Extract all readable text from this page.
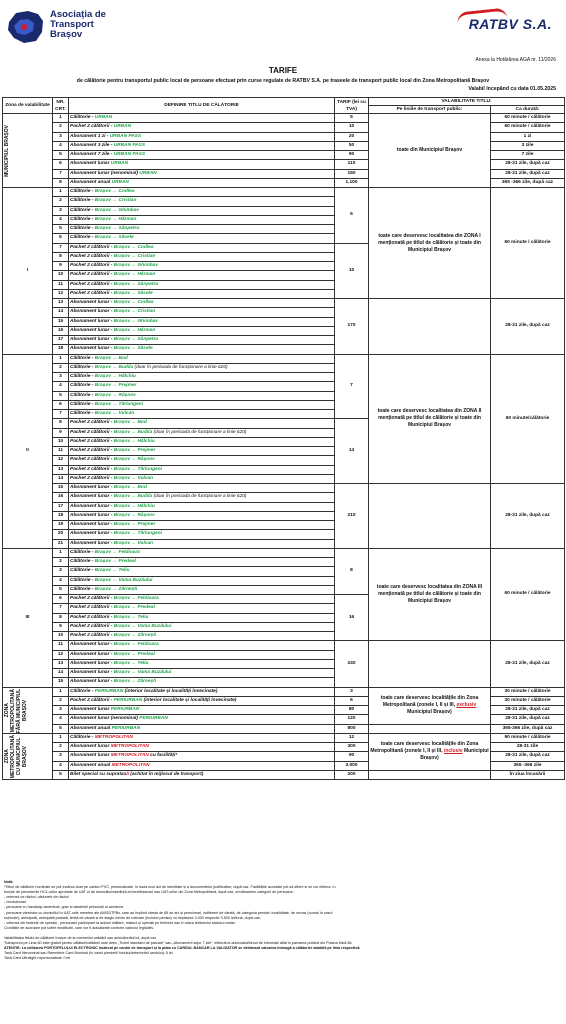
Asociația de
Transport
Brașov
RATBV S.A.
Anexa la Hotărârea AGA nr. 11/2026
TARIFE
de călătorie pentru transportul public local de persoane efectuat prin curse regulate de RATBV S.A. pe traseele de transport public local din Zona Metropolitană Brașov
Valabil începând cu data 01.05.2025
Zona de valabilitate	NR. CRT.	DEFINIRE TITLU DE CĂLĂTORIE	TARIF (lei cu TVA)	VALABILITATE TITLU:	
				Pe liniile de transport public:	Ca durată:

MUNICIPIUL BRAȘOV	1	Călătorie - URBAN	5	toate din Municipiul Brașov	60 minute / călătorie
	2	Pachet 2 călătorii - URBAN	10		60 minute / călătorie
	3	Abonament 1 zi - URBAN PASS	20		1 zi
	4	Abonament 3 zile - URBAN PASS	50		3 zile
	5	Abonament 7 zile - URBAN PASS	90		7 zile
	6	Abonament lunar URBAN	110		28-31 zile, după caz
	7	Abonament lunar (nenominal) URBAN	150		28-31 zile, după caz
	8	Abonament anual URBAN	1.100		365 -366 zile, după caz
I	1	Călătorie - Brașov ↔ Codlea	5	toate care deservesc localitatea din ZONA I menționată pe titlul de călătorie și toate din Municipiul Brașov	60 minute / călătorie
	2	Călătorie - Brașov ↔ Cristian			
	3	Călătorie - Brașov ↔ Ghimbav			
	4	Călătorie - Brașov ↔ Hărman			
	5	Călătorie - Brașov ↔ Sânpetru			
	6	Călătorie - Brașov ↔ Săcele			
	7	Pachet 2 călătorii - Brașov ↔ Codlea	10		
	8	Pachet 2 călătorii - Brașov ↔ Cristian			
	9	Pachet 2 călătorii - Brașov ↔ Ghimbav			
	10	Pachet 2 călătorii - Brașov ↔ Hărman			
	11	Pachet 2 călătorii - Brașov ↔ Sânpetru			
	12	Pachet 2 călătorii - Brașov ↔ Săcele			
	13	Abonament lunar - Brașov ↔ Codlea	170		28-31 zile, după caz
	14	Abonament lunar - Brașov ↔ Cristian			
	15	Abonament lunar - Brașov ↔ Ghimbav			
	16	Abonament lunar - Brașov ↔ Hărman			
	17	Abonament lunar - Brașov ↔ Sânpetru			
	18	Abonament lunar - Brașov ↔ Săcele			
II	1	Călătorie - Brașov ↔ Bod	7	toate care deservesc localitatea din ZONA II menționată pe titlul de călătorie și toate din Municipiul Brașov	60 minute/călătorie
	2	Călătorie - Brașov ↔ Budila (doar în perioada de funcționare a linie 620)			
	3	Călătorie - Brașov ↔ Hălchiu			
	4	Călătorie - Brașov ↔ Prejmer			
	5	Călătorie - Brașov ↔ Râșnov			
	6	Călătorie - Brașov ↔ Tărlungeni			
	7	Călătorie - Brașov ↔ Vulcan			
	8	Pachet 2 călătorii - Brașov ↔ Bod	14		
	9	Pachet 2 călătorii - Brașov ↔ Budila (doar în perioada de funcționare a linie 620)			
	10	Pachet 2 călătorii - Brașov ↔ Hălchiu			
	11	Pachet 2 călătorii - Brașov ↔ Prejmer			
	12	Pachet 2 călătorii - Brașov ↔ Râșnov			
	13	Pachet 2 călătorii - Brașov ↔ Tărlungeni			
	14	Pachet 2 călătorii - Brașov ↔ Vulcan			
	15	Abonament lunar - Brașov ↔ Bod	210		28-31 zile, după caz
	16	Abonament lunar - Brașov ↔ Budila (doar în perioada de funcționare a linie 620)			
	17	Abonament lunar - Brașov ↔ Hălchiu			
	18	Abonament lunar - Brașov ↔ Râșnov			
	19	Abonament lunar - Brașov ↔ Prejmer			
	20	Abonament lunar - Brașov ↔ Tărlungeni			
	21	Abonament lunar - Brașov ↔ Vulcan			
III	1	Călătorie - Brașov ↔ Feldioara	8	toate care deservesc localitatea din ZONA III menționată pe titlul de călătorie și toate din Municipiul Brașov	60 minute / călătorie
	2	Călătorie - Brașov ↔ Predeal			
	3	Călătorie - Brașov ↔ Teliu			
	4	Călătorie - Brașov ↔ Vama Buzăului			
	5	Călătorie - Brașov ↔ Zărnești			
	6	Pachet 2 călătorii - Brașov ↔ Feldioara	16		
	7	Pachet 2 călătorii - Brașov ↔ Predeal			
	8	Pachet 2 călătorii - Brașov ↔ Teliu			
	9	Pachet 2 călătorii - Brașov ↔ Vama Buzăului			
	10	Pachet 2 călătorii - Brașov ↔ Zărnești			
	11	Abonament lunar - Brașov ↔ Feldioara	240		28-31 zile, după caz
	12	Abonament lunar - Brașov ↔ Predeal			
	13	Abonament lunar - Brașov ↔ Teliu			
	14	Abonament lunar - Brașov ↔ Vama Buzăului			
	15	Abonament lunar - Brașov ↔ Zărnești			

ZONA METROPOLITANĂ FĂRĂ MUNICIPIUL BRAȘOV	1	Călătorie - PERIURBAN (interior localitate și localități învecinate)	3	toate care deservesc localitățile din Zona Metropolitană (zonele I, II și III, exclusiv Municipiul Brașov)	30 minute / călătorie
	2	Pachet 2 călătorii - PERIURBAN (interior localitate și localități învecinate)	6		30 minute / călătorie
	3	Abonament lunar PERIURBAN	80		28-31 zile, după caz
	4	Abonament lunar (nenominal) PERIURBAN	120		28-31 zile, după caz
	5	Abonament anual PERIURBAN	800		365-366 zile, după caz

ZONA METROPOLITANĂ CU MUNICIPIUL BRAȘOV	1	Călătorie - METROPOLITAN	12	toate care deservesc localitățile din Zona Metropolitană (zonele I, II și III, inclusiv Municipiul Brașov)	90 minute / călătorie
	2	Abonament lunar METROPOLITAN	300		28-31 zile
	3	Abonament lunar METROPOLITAN cu facilități*	90		28-31 zile, după caz
	4	Abonament anual METROPOLITAN	3.000		365 -366 zile
	5	Bilet special cu suprataxă (achitat în mijlocul de transport)	200		În ziua încasării
Notă:
*Titluri de călătorie nominale se pot încărca doar pe carduri PVC, personalizate, în baza unui act de identitate și a documentelor justificative, după caz. Facilitățile acordate pot să difere și se vor elibera, în
funcție de prevederile HCL-urilor aprobate de UAT-ul de domiciliu/reședință al beneficiarului sau UAT-urilor din Zona Metropolitană, după caz, următoarelor categorii de persoane:
- veterani de război, văduvele de război
- revoluționari
- persoane cu handicap accentuat, grav și asistenții personali ai acestora
- persoane vârstnice cu domiciliul în UAT-urile membre ale AMGDTPBv, care au împlinit vârsta de 65 de ani și pensionari, indiferent de vârstă, de categoria pensiei: invaliditate, de urmaș (numai în cazul
soț/soție), anticipată, anticipată parțială, limită de vârstă și de stagiu minim de cotizare (inclusiv pensia) nu depășesc 3.000 respectiv 3.500 lei/lună, după caz;
- veterani din teatrele de operații - personalul participant la acțiuni militare, misiuni și operații pe teritoriul sau în afara teritoriului statului român.
Condițiile de acordare pot suferi modificări, care vor fi actualizate conform cadrului legislativ.

Valabilitatea titlului de călătorie începe de la momentul validării sau achiziționării lui, după caz
Transportul pe Linia 60 este gratuit pentru călătorii/călătorii care dețin „Tichet standard de parcare” sau „Abonament sejur 7 zile”, eliberat la automatul/biroul de informații aflat în parcarea publică din Poiana Mică Bv.
ATENȚIE: La utilizarea PORTOFELULUI ELECTRONIC încărcat pe cardul de transport și la plata cu CARDUL BANCAR LA VALIDATOR se debitează valoarea întreagă a călătoriei valabilă pe linia respectivă.
Taxă Card Nenominal sau Reemitere Card Nominal (în cazul pierderii/ furtului/deteriorării cardului): 5 lei
Taxă Card Ultralight nepersonalizat: 0 lei
